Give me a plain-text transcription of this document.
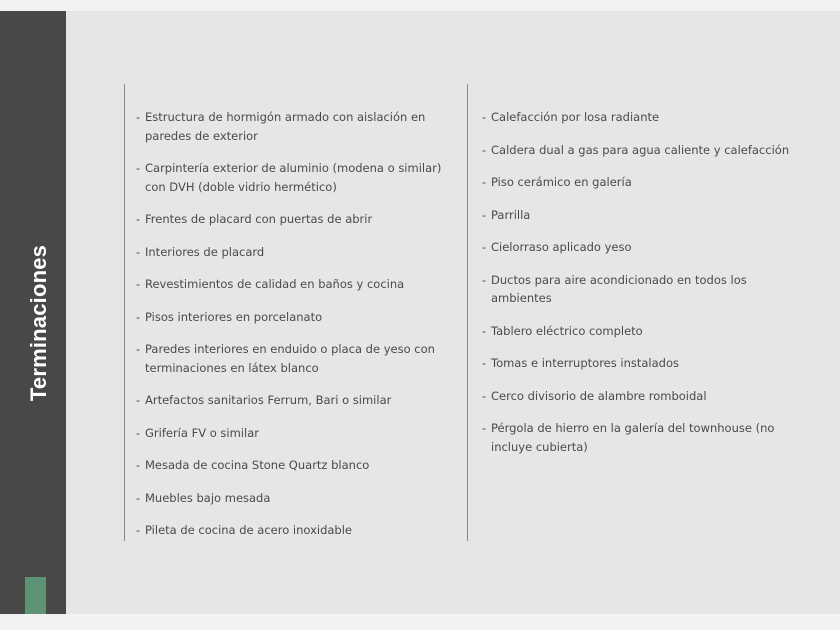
Terminaciones
- Estructura de hormigón armado con aislación en paredes de exterior
- Carpintería exterior de aluminio (modena o similar) con DVH (doble vidrio hermético)
- Frentes de placard con puertas de abrir
- Interiores de placard
- Revestimientos de calidad en baños y cocina
- Pisos interiores en porcelanato
- Paredes interiores en enduido o placa de yeso con terminaciones en látex blanco
- Artefactos sanitarios Ferrum, Bari o similar
- Grifería FV o similar
- Mesada de cocina Stone Quartz blanco
- Muebles bajo mesada
- Pileta de cocina de acero inoxidable
- Calefacción por losa radiante
- Caldera dual a gas para agua caliente y calefacción
- Piso cerámico en galería
- Parrilla
- Cielorraso aplicado yeso
- Ductos para aire acondicionado en todos los ambientes
- Tablero eléctrico completo
- Tomas e interruptores instalados
- Cerco divisorio de alambre romboidal
- Pérgola de hierro en la galería del townhouse (no incluye cubierta)
